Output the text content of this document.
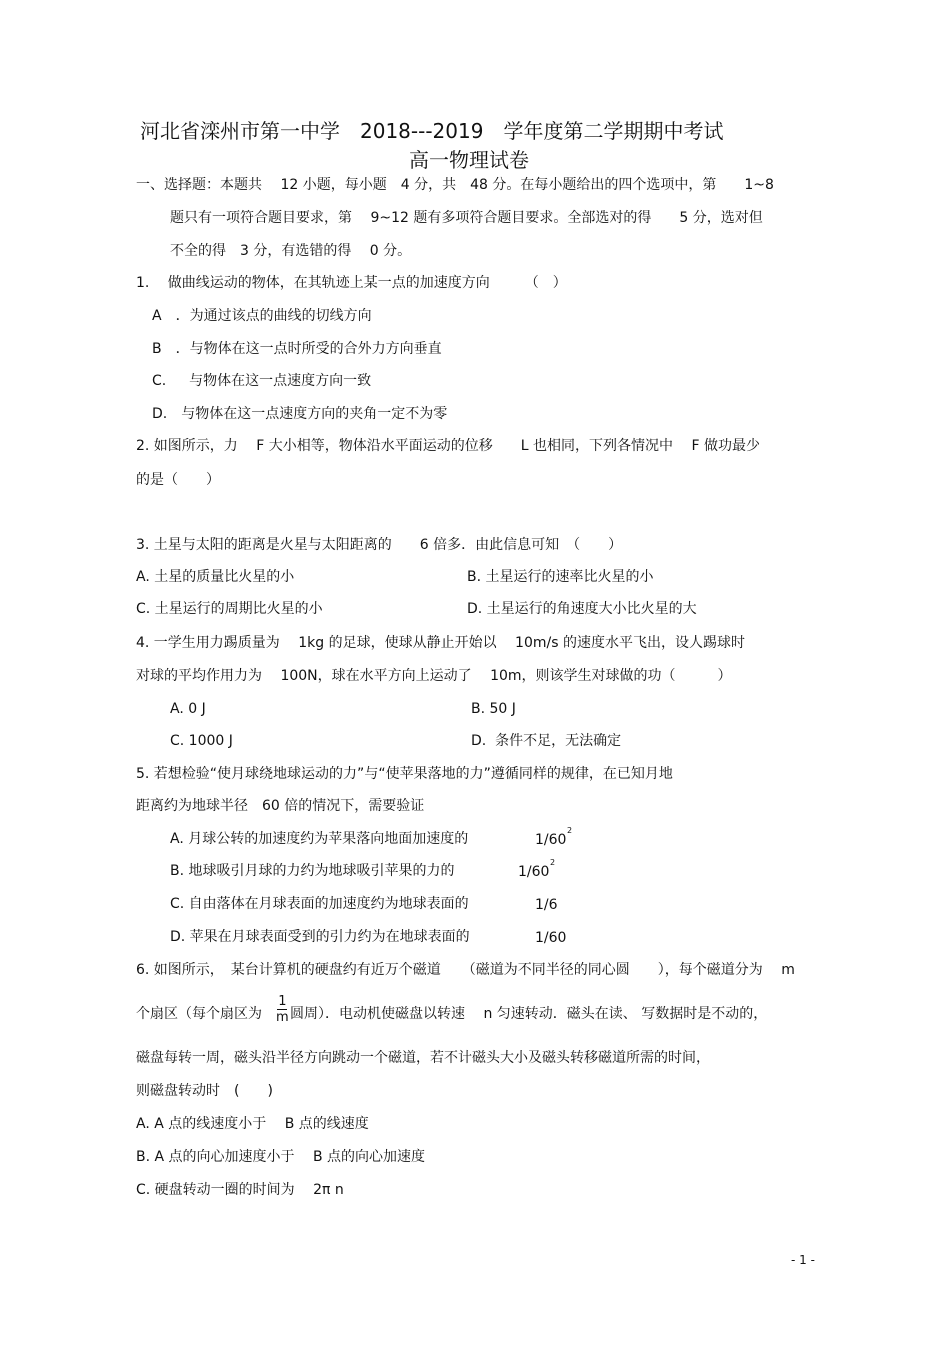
河北省滦州市第一中学　2018---2019　学年度第二学期期中考试
高一物理试卷
一、选择题：本题共　 12 小题，每小题　4 分，共　48 分。在每小题给出的四个选项中，第　　1~8
题只有一项符合题目要求，第　 9~12 题有多项符合题目要求。全部选对的得　　5 分，选对但
不全的得　3 分，有选错的得　 0 分。
1.　 做曲线运动的物体，在其轨迹上某一点的加速度方向　　　（　）
A　．为通过该点的曲线的切线方向
B　．与物体在这一点时所受的合外力方向垂直
C.　  与物体在这一点速度方向一致
D.　与物体在这一点速度方向的夹角一定不为零
2. 如图所示，力　 F 大小相等，物体沿水平面运动的位移　　L 也相同，下列各情况中　 F 做功最少
的是（　　）
3. 土星与太阳的距离是火星与太阳距离的　　6 倍多．由此信息可知　（　　）
A. 土星的质量比火星的小	B. 土星运行的速率比火星的小
C. 土星运行的周期比火星的小	D. 土星运行的角速度大小比火星的大
4. 一学生用力踢质量为　 1kg 的足球，使球从静止开始以　 10m/s 的速度水平飞出，设人踢球时
对球的平均作用力为　 100N，球在水平方向上运动了　 10m，则该学生对球做的功（　　　）
A. 0 J	B. 50 J
C. 1000 J	D.  条件不足，无法确定
5. 若想检验“使月球绕地球运动的力”与“使苹果落地的力”遵循同样的规律，在已知月地
距离约为地球半径　60 倍的情况下，需要验证
A. 月球公转的加速度约为苹果落向地面加速度的	1/60
2
B. 地球吸引月球的力约为地球吸引苹果的力的	1/60
2
C. 自由落体在月球表面的加速度约为地球表面的	1/6
D. 苹果在月球表面受到的引力约为在地球表面的	1/60
6. 如图所示，　某台计算机的硬盘约有近万个磁道　　（磁道为不同半径的同心圆　　），每个磁道分为　 m
个扇区（每个扇区为
1
m 圆周）．电动机使磁盘以转速　 n 匀速转动．磁头在读、 写数据时是不动的，
磁盘每转一周，磁头沿半径方向跳动一个磁道，若不计磁头大小及磁头转移磁道所需的时间，
则磁盘转动时　(　　)
A. A 点的线速度小于　 B 点的线速度
B. A 点的向心加速度小于　 B 点的向心加速度
C. 硬盘转动一圈的时间为　 2π n
- 1 -
